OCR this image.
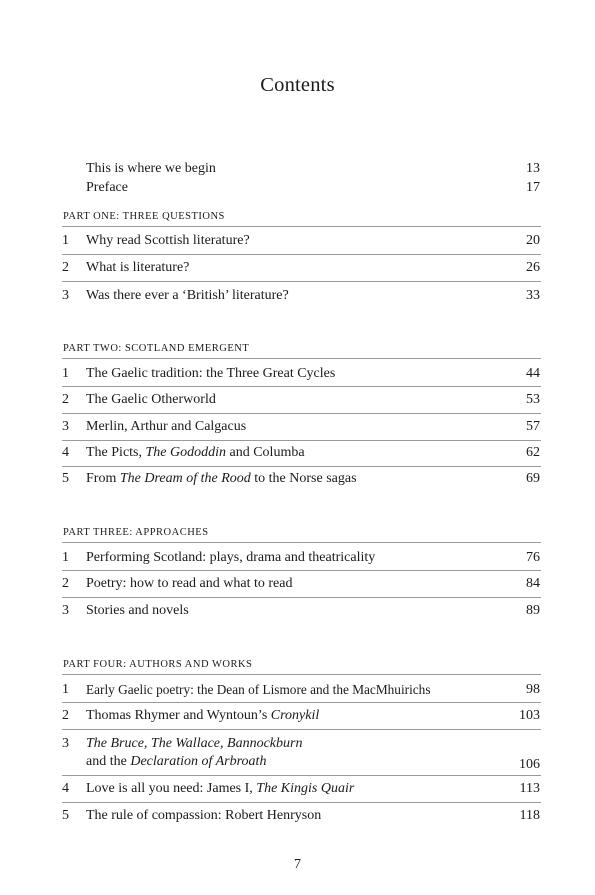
Contents
This is where we begin	13
Preface	17
PART ONE: THREE QUESTIONS
1 Why read Scottish literature?	20
2 What is literature?	26
3 Was there ever a ‘British’ literature?	33
PART TWO: SCOTLAND EMERGENT
1 The Gaelic tradition: the Three Great Cycles	44
2 The Gaelic Otherworld	53
3 Merlin, Arthur and Calgacus	57
4 The Picts, The Gododdin and Columba	62
5 From The Dream of the Rood to the Norse sagas	69
PART THREE: APPROACHES
1 Performing Scotland: plays, drama and theatricality	76
2 Poetry: how to read and what to read	84
3 Stories and novels	89
PART FOUR: AUTHORS AND WORKS
1 Early Gaelic poetry: the Dean of Lismore and the MacMhuirichs	98
2 Thomas Rhymer and Wyntoun’s Cronykil	103
3 The Bruce, The Wallace, Bannockburn
and the Declaration of Arbroath	106
4 Love is all you need: James I, The Kingis Quair	113
5 The rule of compassion: Robert Henryson	118
7
